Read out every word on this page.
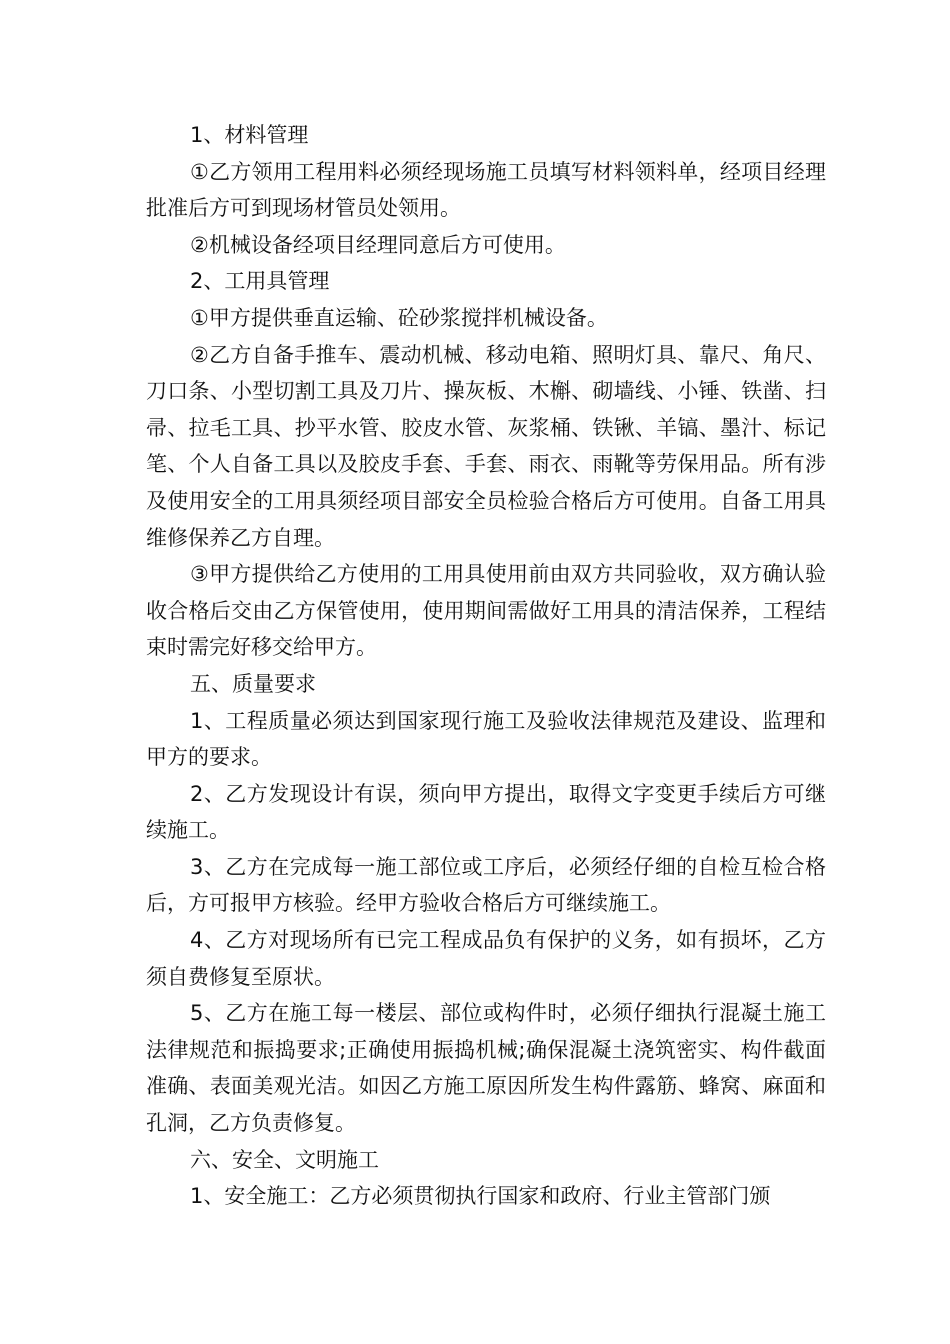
1、材料管理

①乙方领用工程用料必须经现场施工员填写材料领料单，经项目经理批准后方可到现场材管员处领用。

②机械设备经项目经理同意后方可使用。

2、工用具管理

①甲方提供垂直运输、砼砂浆搅拌机械设备。

②乙方自备手推车、震动机械、移动电箱、照明灯具、靠尺、角尺、刀口条、小型切割工具及刀片、操灰板、木槲、砌墙线、小锤、铁凿、扫帚、拉毛工具、抄平水管、胶皮水管、灰浆桶、铁锹、羊镐、墨汁、标记笔、个人自备工具以及胶皮手套、手套、雨衣、雨靴等劳保用品。所有涉及使用安全的工用具须经项目部安全员检验合格后方可使用。自备工用具维修保养乙方自理。

③甲方提供给乙方使用的工用具使用前由双方共同验收，双方确认验收合格后交由乙方保管使用，使用期间需做好工用具的清洁保养，工程结束时需完好移交给甲方。

五、质量要求

1、工程质量必须达到国家现行施工及验收法律规范及建设、监理和甲方的要求。

2、乙方发现设计有误，须向甲方提出，取得文字变更手续后方可继续施工。

3、乙方在完成每一施工部位或工序后，必须经仔细的自检互检合格后，方可报甲方核验。经甲方验收合格后方可继续施工。

4、乙方对现场所有已完工程成品负有保护的义务，如有损坏，乙方须自费修复至原状。

5、乙方在施工每一楼层、部位或构件时，必须仔细执行混凝土施工法律规范和振捣要求;正确使用振捣机械;确保混凝土浇筑密实、构件截面准确、表面美观光洁。如因乙方施工原因所发生构件露筋、蜂窝、麻面和孔洞，乙方负责修复。

六、安全、文明施工

1、安全施工：乙方必须贯彻执行国家和政府、行业主管部门颁
